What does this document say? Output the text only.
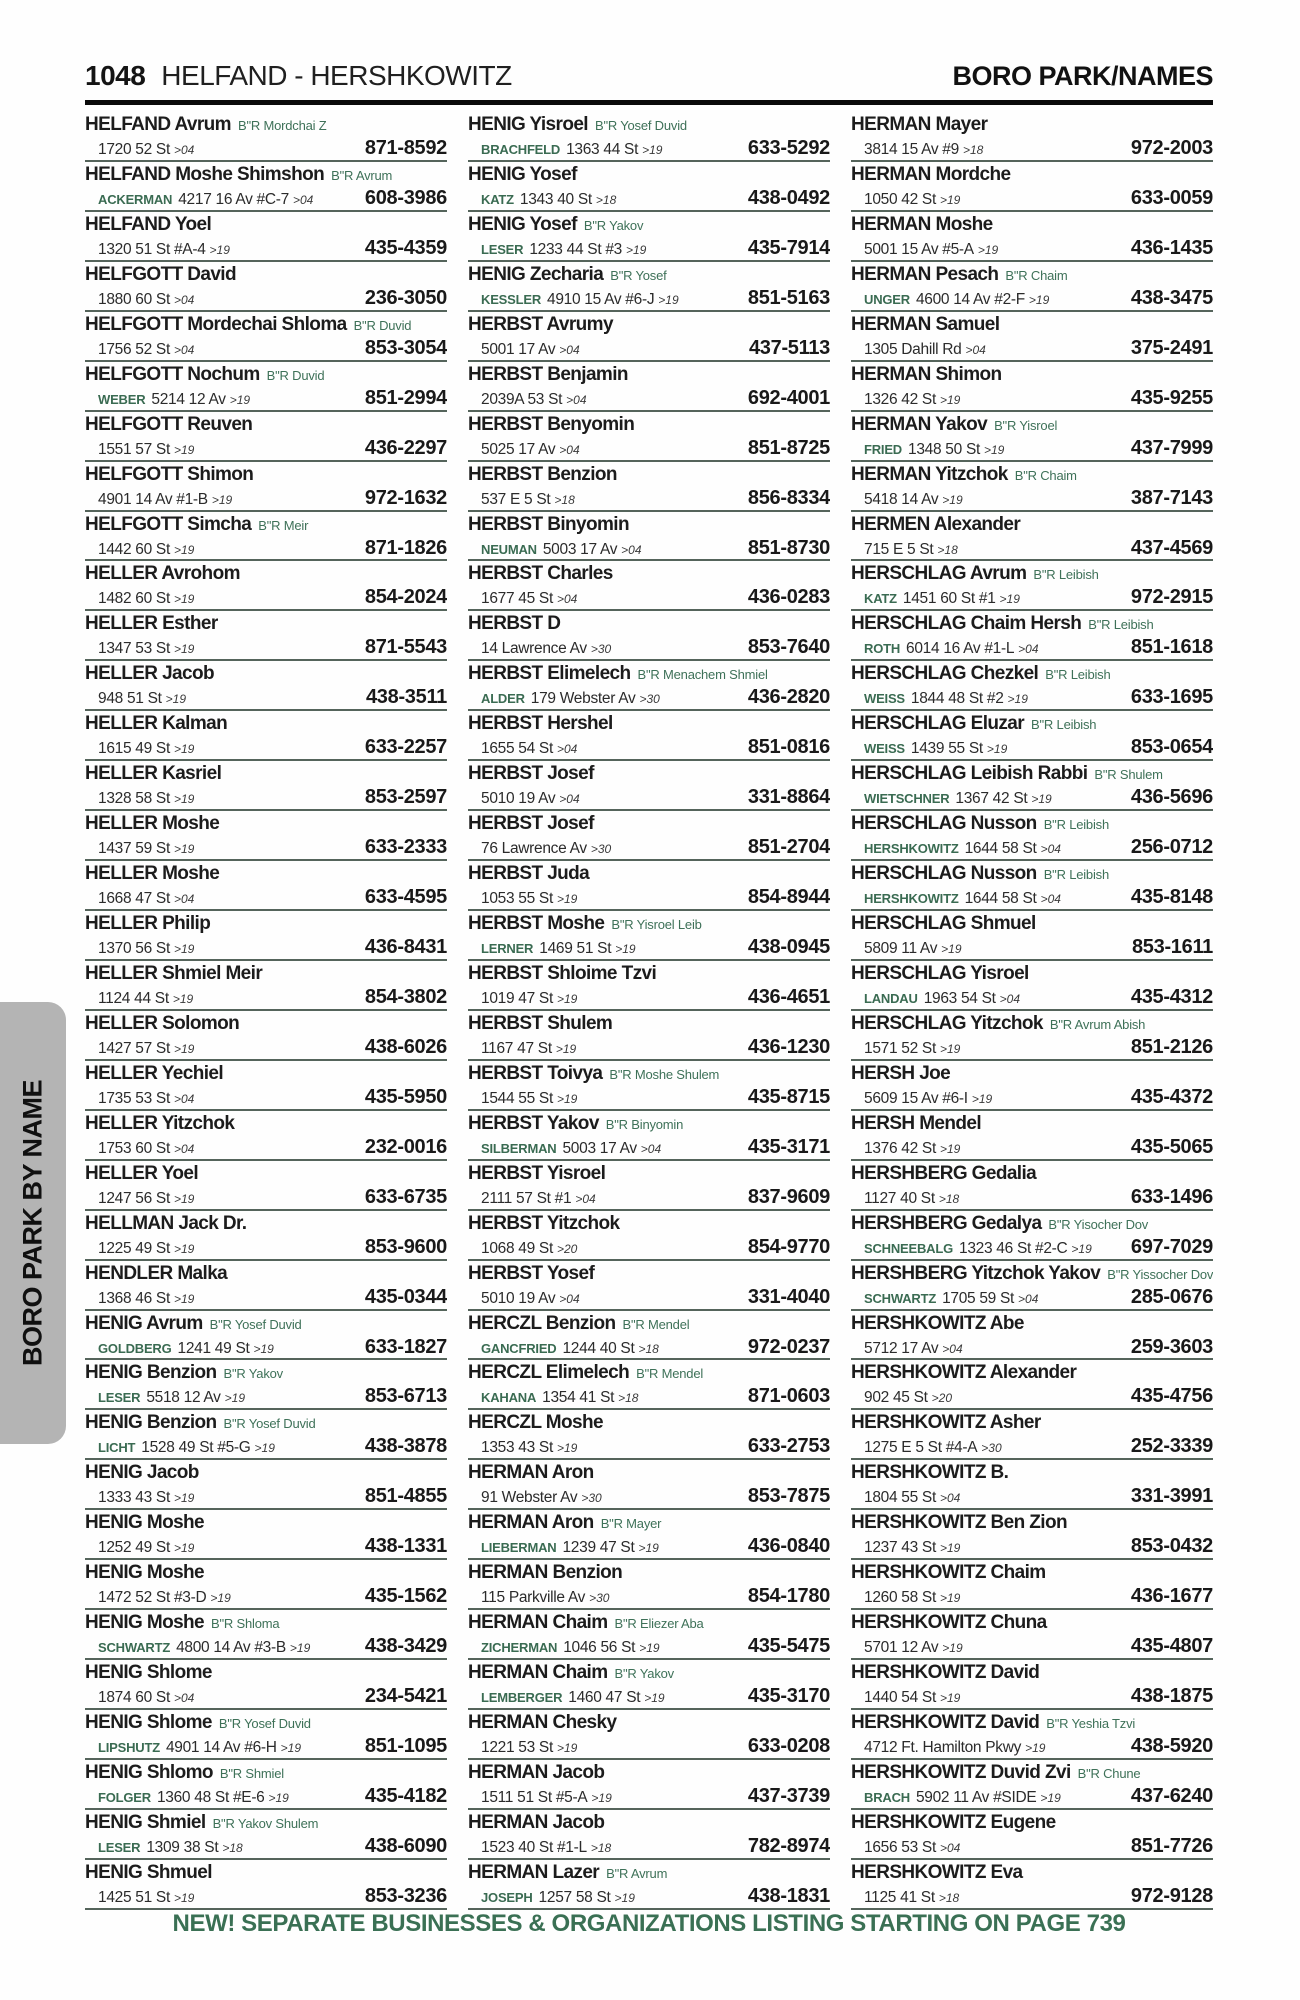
1048 HELFAND - HERSHKOWITZ	BORO PARK/NAMES
HELFAND Avrum B"R Mordchai Z
1720 52 St >04	871-8592
HELFAND Moshe Shimshon B"R Avrum
ACKERMAN 4217 16 Av #C-7 >04	608-3986
HELFAND Yoel
1320 51 St #A-4 >19	435-4359
HELFGOTT David
1880 60 St >04	236-3050
HELFGOTT Mordechai Shloma B"R Duvid
1756 52 St >04	853-3054
HELFGOTT Nochum B"R Duvid
WEBER 5214 12 Av >19	851-2994
HELFGOTT Reuven
1551 57 St >19	436-2297
HELFGOTT Shimon
4901 14 Av #1-B >19	972-1632
HELFGOTT Simcha B"R Meir
1442 60 St >19	871-1826
HELLER Avrohom
1482 60 St >19	854-2024
HELLER Esther
1347 53 St >19	871-5543
HELLER Jacob
948 51 St >19	438-3511
HELLER Kalman
1615 49 St >19	633-2257
HELLER Kasriel
1328 58 St >19	853-2597
HELLER Moshe
1437 59 St >19	633-2333
HELLER Moshe
1668 47 St >04	633-4595
HELLER Philip
1370 56 St >19	436-8431
HELLER Shmiel Meir
1124 44 St >19	854-3802
HELLER Solomon
1427 57 St >19	438-6026
HELLER Yechiel
1735 53 St >04	435-5950
HELLER Yitzchok
1753 60 St >04	232-0016
HELLER Yoel
1247 56 St >19	633-6735
HELLMAN Jack Dr.
1225 49 St >19	853-9600
HENDLER Malka
1368 46 St >19	435-0344
HENIG Avrum B"R Yosef Duvid
GOLDBERG 1241 49 St >19	633-1827
HENIG Benzion B"R Yakov
LESER 5518 12 Av >19	853-6713
HENIG Benzion B"R Yosef Duvid
LICHT 1528 49 St #5-G >19	438-3878
HENIG Jacob
1333 43 St >19	851-4855
HENIG Moshe
1252 49 St >19	438-1331
HENIG Moshe
1472 52 St #3-D >19	435-1562
HENIG Moshe B"R Shloma
SCHWARTZ 4800 14 Av #3-B >19	438-3429
HENIG Shlome
1874 60 St >04	234-5421
HENIG Shlome B"R Yosef Duvid
LIPSHUTZ 4901 14 Av #6-H >19	851-1095
HENIG Shlomo B"R Shmiel
FOLGER 1360 48 St #E-6 >19	435-4182
HENIG Shmiel B"R Yakov Shulem
LESER 1309 38 St >18	438-6090
HENIG Shmuel
1425 51 St >19	853-3236
HENIG Yisroel B"R Yosef Duvid
BRACHFELD 1363 44 St >19	633-5292
HENIG Yosef
KATZ 1343 40 St >18	438-0492
HENIG Yosef B"R Yakov
LESER 1233 44 St #3 >19	435-7914
HENIG Zecharia B"R Yosef
KESSLER 4910 15 Av #6-J >19	851-5163
HERBST Avrumy
5001 17 Av >04	437-5113
HERBST Benjamin
2039A 53 St >04	692-4001
HERBST Benyomin
5025 17 Av >04	851-8725
HERBST Benzion
537 E 5 St >18	856-8334
HERBST Binyomin
NEUMAN 5003 17 Av >04	851-8730
HERBST Charles
1677 45 St >04	436-0283
HERBST D
14 Lawrence Av >30	853-7640
HERBST Elimelech B"R Menachem Shmiel
ALDER 179 Webster Av >30	436-2820
HERBST Hershel
1655 54 St >04	851-0816
HERBST Josef
5010 19 Av >04	331-8864
HERBST Josef
76 Lawrence Av >30	851-2704
HERBST Juda
1053 55 St >19	854-8944
HERBST Moshe B"R Yisroel Leib
LERNER 1469 51 St >19	438-0945
HERBST Shloime Tzvi
1019 47 St >19	436-4651
HERBST Shulem
1167 47 St >19	436-1230
HERBST Toivya B"R Moshe Shulem
1544 55 St >19	435-8715
HERBST Yakov B"R Binyomin
SILBERMAN 5003 17 Av >04	435-3171
HERBST Yisroel
2111 57 St #1 >04	837-9609
HERBST Yitzchok
1068 49 St >20	854-9770
HERBST Yosef
5010 19 Av >04	331-4040
HERCZL Benzion B"R Mendel
GANCFRIED 1244 40 St >18	972-0237
HERCZL Elimelech B"R Mendel
KAHANA 1354 41 St >18	871-0603
HERCZL Moshe
1353 43 St >19	633-2753
HERMAN Aron
91 Webster Av >30	853-7875
HERMAN Aron B"R Mayer
LIEBERMAN 1239 47 St >19	436-0840
HERMAN Benzion
115 Parkville Av >30	854-1780
HERMAN Chaim B"R Eliezer Aba
ZICHERMAN 1046 56 St >19	435-5475
HERMAN Chaim B"R Yakov
LEMBERGER 1460 47 St >19	435-3170
HERMAN Chesky
1221 53 St >19	633-0208
HERMAN Jacob
1511 51 St #5-A >19	437-3739
HERMAN Jacob
1523 40 St #1-L >18	782-8974
HERMAN Lazer B"R Avrum
JOSEPH 1257 58 St >19	438-1831
HERMAN Mayer
3814 15 Av #9 >18	972-2003
HERMAN Mordche
1050 42 St >19	633-0059
HERMAN Moshe
5001 15 Av #5-A >19	436-1435
HERMAN Pesach B"R Chaim
UNGER 4600 14 Av #2-F >19	438-3475
HERMAN Samuel
1305 Dahill Rd >04	375-2491
HERMAN Shimon
1326 42 St >19	435-9255
HERMAN Yakov B"R Yisroel
FRIED 1348 50 St >19	437-7999
HERMAN Yitzchok B"R Chaim
5418 14 Av >19	387-7143
HERMEN Alexander
715 E 5 St >18	437-4569
HERSCHLAG Avrum B"R Leibish
KATZ 1451 60 St #1 >19	972-2915
HERSCHLAG Chaim Hersh B"R Leibish
ROTH 6014 16 Av #1-L >04	851-1618
HERSCHLAG Chezkel B"R Leibish
WEISS 1844 48 St #2 >19	633-1695
HERSCHLAG Eluzar B"R Leibish
WEISS 1439 55 St >19	853-0654
HERSCHLAG Leibish Rabbi B"R Shulem
WIETSCHNER 1367 42 St >19	436-5696
HERSCHLAG Nusson B"R Leibish
HERSHKOWITZ 1644 58 St >04	256-0712
HERSCHLAG Nusson B"R Leibish
HERSHKOWITZ 1644 58 St >04	435-8148
HERSCHLAG Shmuel
5809 11 Av >19	853-1611
HERSCHLAG Yisroel
LANDAU 1963 54 St >04	435-4312
HERSCHLAG Yitzchok B"R Avrum Abish
1571 52 St >19	851-2126
HERSH Joe
5609 15 Av #6-I >19	435-4372
HERSH Mendel
1376 42 St >19	435-5065
HERSHBERG Gedalia
1127 40 St >18	633-1496
HERSHBERG Gedalya B"R Yisocher Dov
SCHNEEBALG 1323 46 St #2-C >19 697-7029
HERSHBERG Yitzchok Yakov B"R Yissocher Dov
SCHWARTZ 1705 59 St >04	285-0676
HERSHKOWITZ Abe
5712 17 Av >04	259-3603
HERSHKOWITZ Alexander
902 45 St >20	435-4756
HERSHKOWITZ Asher
1275 E 5 St #4-A >30	252-3339
HERSHKOWITZ B.
1804 55 St >04	331-3991
HERSHKOWITZ Ben Zion
1237 43 St >19	853-0432
HERSHKOWITZ Chaim
1260 58 St >19	436-1677
HERSHKOWITZ Chuna
5701 12 Av >19	435-4807
HERSHKOWITZ David
1440 54 St >19	438-1875
HERSHKOWITZ David B"R Yeshia Tzvi
4712 Ft. Hamilton Pkwy >19	438-5920
HERSHKOWITZ Duvid Zvi B"R Chune
BRACH 5902 11 Av #SIDE >19	437-6240
HERSHKOWITZ Eugene
1656 53 St >04	851-7726
HERSHKOWITZ Eva
1125 41 St >18	972-9128
BORO PARK BY NAME
NEW! SEPARATE BUSINESSES & ORGANIZATIONS LISTING STARTING ON PAGE 739
